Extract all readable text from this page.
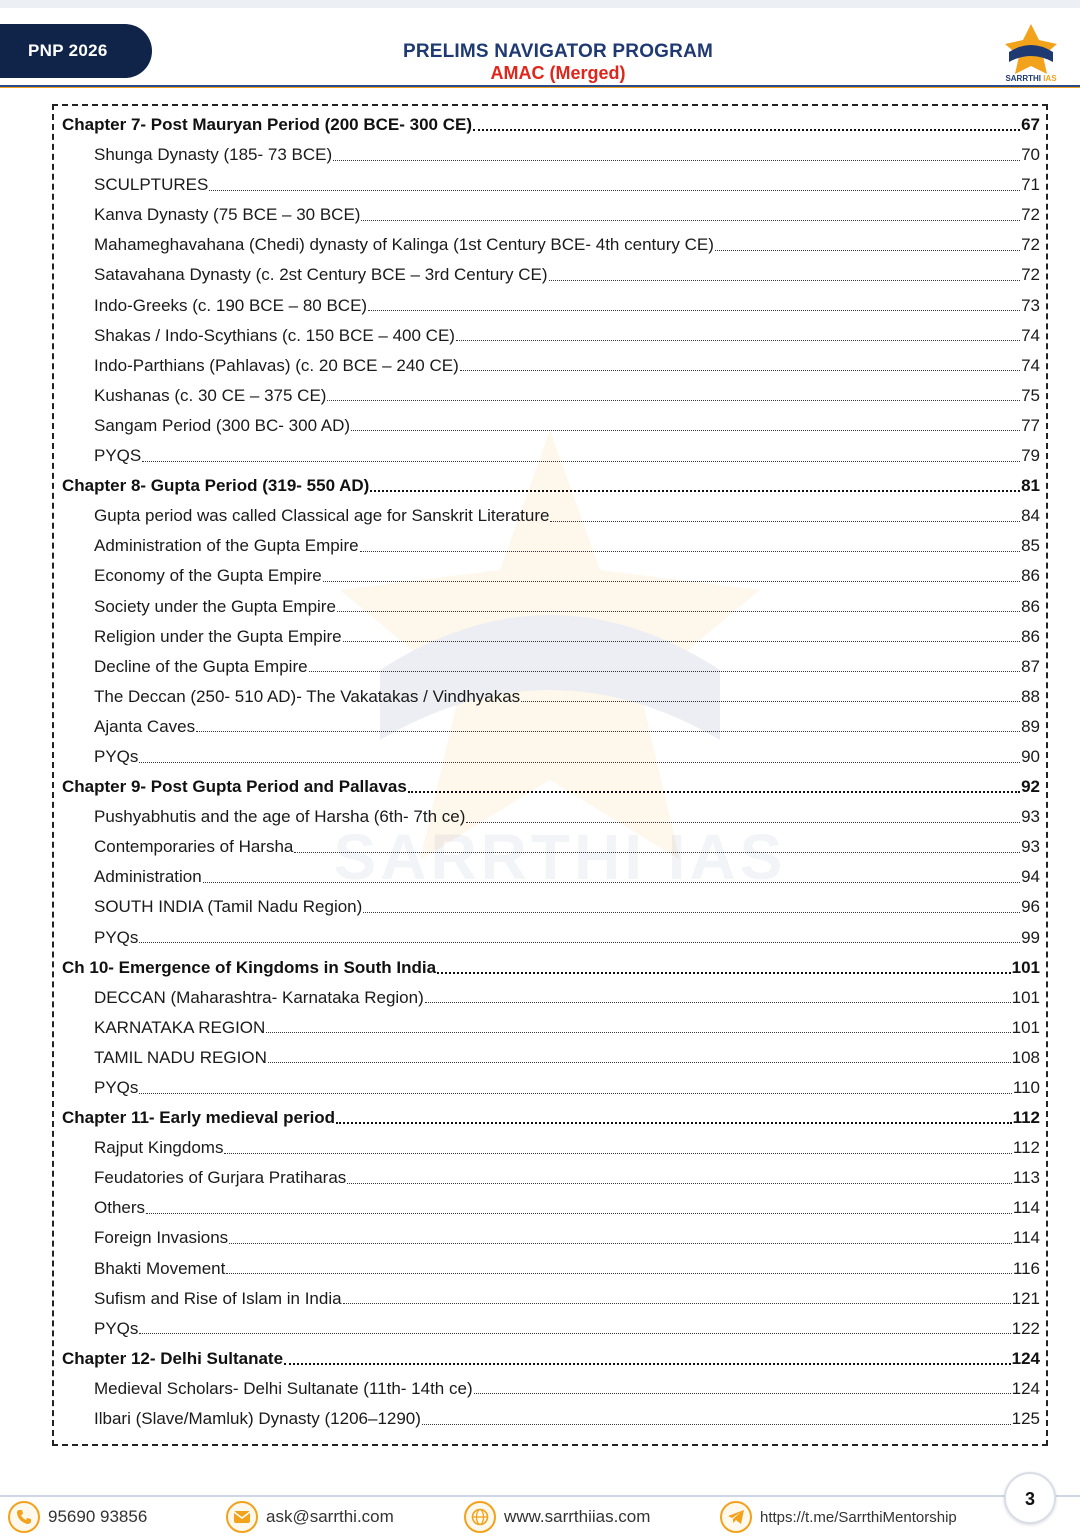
PNP 2026	PRELIMS NAVIGATOR PROGRAM
AMAC (Merged)	SARRTHI IAS
SARRTHI IAS
Chapter 7- Post Mauryan Period (200 BCE- 300 CE)	67
Shunga Dynasty (185- 73 BCE)	70
SCULPTURES	71
Kanva Dynasty (75 BCE – 30 BCE)	72
Mahameghavahana (Chedi) dynasty of Kalinga (1st Century BCE- 4th century CE)	72
Satavahana Dynasty (c. 2st Century BCE – 3rd Century CE)	72
Indo-Greeks (c. 190 BCE – 80 BCE)	73
Shakas / Indo-Scythians (c. 150 BCE – 400 CE)	74
Indo-Parthians (Pahlavas) (c. 20 BCE – 240 CE)	74
Kushanas (c. 30 CE – 375 CE)	75
Sangam Period (300 BC- 300 AD)	77
PYQS	79
Chapter 8- Gupta Period (319- 550 AD)	81
Gupta period was called Classical age for Sanskrit Literature	84
Administration of the Gupta Empire	85
Economy of the Gupta Empire	86
Society under the Gupta Empire	86
Religion under the Gupta Empire	86
Decline of the Gupta Empire	87
The Deccan (250- 510 AD)- The Vakatakas / Vindhyakas	88
Ajanta Caves	89
PYQs	90
Chapter 9- Post Gupta Period and Pallavas	92
Pushyabhutis and the age of Harsha (6th- 7th ce)	93
Contemporaries of Harsha	93
Administration	94
SOUTH INDIA (Tamil Nadu Region)	96
PYQs	99
Ch 10- Emergence of Kingdoms in South India	101
DECCAN (Maharashtra- Karnataka Region)	101
KARNATAKA REGION	101
TAMIL NADU REGION	108
PYQs	110
Chapter 11- Early medieval period	112
Rajput Kingdoms	112
Feudatories of Gurjara Pratiharas	113
Others	114
Foreign Invasions	114
Bhakti Movement	116
Sufism and Rise of Islam in India	121
PYQs	122
Chapter 12- Delhi Sultanate	124
Medieval Scholars- Delhi Sultanate (11th- 14th ce)	124
Ilbari (Slave/Mamluk) Dynasty (1206–1290)	125
95690 93856	ask@sarrthi.com	www.sarrthiias.com	https://t.me/SarrthiMentorship
3
